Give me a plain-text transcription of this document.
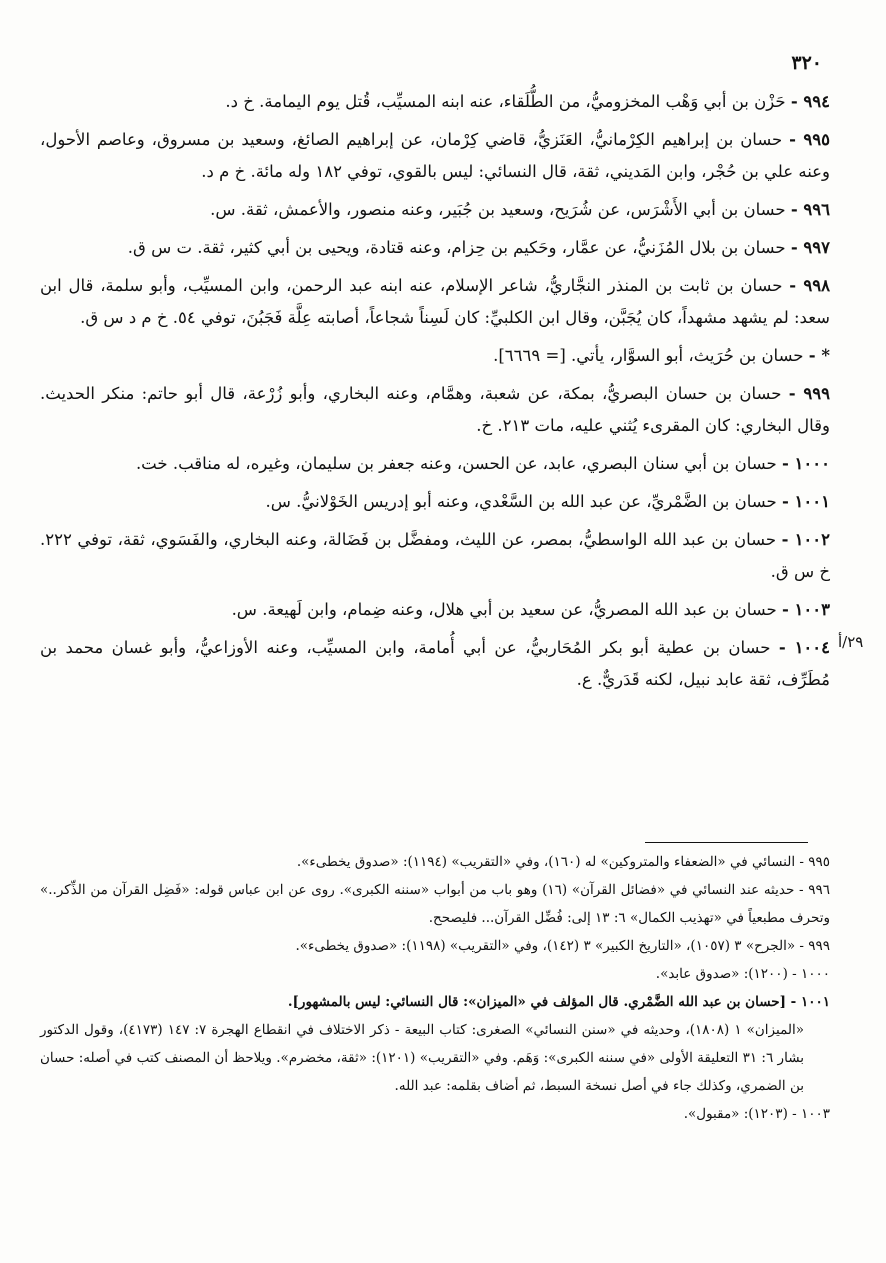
٣٢٠
٩٩٤ - حَزْن بن أبي وَهْب المخزوميُّ، من الطُّلَقاء، عنه ابنه المسيِّب، قُتل يوم اليمامة. خ د.
٩٩٥ - حسان بن إبراهيم الكِرْمانيُّ، العَنَزيُّ، قاضي كِرْمان، عن إبراهيم الصائغ، وسعيد بن مسروق، وعاصم الأحول، وعنه علي بن حُجْر، وابن المَديني، ثقة، قال النسائي: ليس بالقوي، توفي ١٨٢ وله مائة. خ م د.
٩٩٦ - حسان بن أبي الأَشْرَس، عن شُرَيح، وسعيد بن جُبَير، وعنه منصور، والأعمش، ثقة. س.
٩٩٧ - حسان بن بلال المُزَنيُّ، عن عمَّار، وحَكيم بن حِزام، وعنه قتادة، ويحيى بن أبي كثير، ثقة. ت س ق.
٩٩٨ - حسان بن ثابت بن المنذر النجَّاريُّ، شاعر الإسلام، عنه ابنه عبد الرحمن، وابن المسيِّب، وأبو سلمة، قال ابن سعد: لم يشهد مشهداً، كان يُجَبَّن، وقال ابن الكلبيِّ: كان لَسِناً شجاعاً، أصابته عِلَّة فَجَبُنَ، توفي ٥٤. خ م د س ق.
* - حسان بن حُرَيث، أبو السوَّار، يأتي. [= ٦٦٦٩].
٩٩٩ - حسان بن حسان البصريُّ، بمكة، عن شعبة، وهمَّام، وعنه البخاري، وأبو زُرْعة، قال أبو حاتم: منكر الحديث. وقال البخاري: كان المقرىء يُثني عليه، مات ٢١٣. خ.
١٠٠٠ - حسان بن أبي سنان البصري، عابد، عن الحسن، وعنه جعفر بن سليمان، وغيره، له مناقب. خت.
١٠٠١ - حسان بن الضَّمْريِّ، عن عبد الله بن السَّعْدي، وعنه أبو إدريس الخَوْلانيُّ. س.
١٠٠٢ - حسان بن عبد الله الواسطيُّ، بمصر، عن الليث، ومفضَّل بن فَضَالة، وعنه البخاري، والفَسَوي، ثقة، توفي ٢٢٢. خ س ق.
١٠٠٣ - حسان بن عبد الله المصريُّ، عن سعيد بن أبي هلال، وعنه ضِمام، وابن لَهيعة. س.
١٠٠٤ - حسان بن عطية أبو بكر المُحَاربيُّ، عن أبي أُمامة، وابن المسيِّب، وعنه الأوزاعيُّ، وأبو غسان محمد بن مُطَرِّف، ثقة عابد نبيل، لكنه قَدَريٌّ. ع.
٢٩/أ
٩٩٥ - النسائي في «الضعفاء والمتروكين» له (١٦٠)، وفي «التقريب» (١١٩٤): «صدوق يخطىء».
٩٩٦ - حديثه عند النسائي في «فضائل القرآن» (١٦) وهو باب من أبواب «سننه الكبرى». روى عن ابن عباس قوله: «فَضِل القرآن من الذِّكر..» وتحرف مطبعياً في «تهذيب الكمال» ٦: ١٣ إلى: فُضِّل القرآن... فليصحح.
٩٩٩ - «الجرح» ٣ (١٠٥٧)، «التاريخ الكبير» ٣ (١٤٢)، وفي «التقريب» (١١٩٨): «صدوق يخطىء».
١٠٠٠ - (١٢٠٠): «صدوق عابد».
١٠٠١ - [حسان بن عبد الله الضَّمْري. قال المؤلف في «الميزان»: قال النسائي: ليس بالمشهور].
«الميزان» ١ (١٨٠٨)، وحديثه في «سنن النسائي» الصغرى: كتاب البيعة - ذكر الاختلاف في انقطاع الهجرة ٧: ١٤٧ (٤١٧٣)، وقول الدكتور بشار ٦: ٣١ التعليقة الأولى «في سننه الكبرى»: وَهَم. وفي «التقريب» (١٢٠١): «ثقة، مخضرم». ويلاحظ أن المصنف كتب في أصله: حسان بن الضمري، وكذلك جاء في أصل نسخة السبط، ثم أضاف بقلمه: عبد الله.
١٠٠٣ - (١٢٠٣): «مقبول».
